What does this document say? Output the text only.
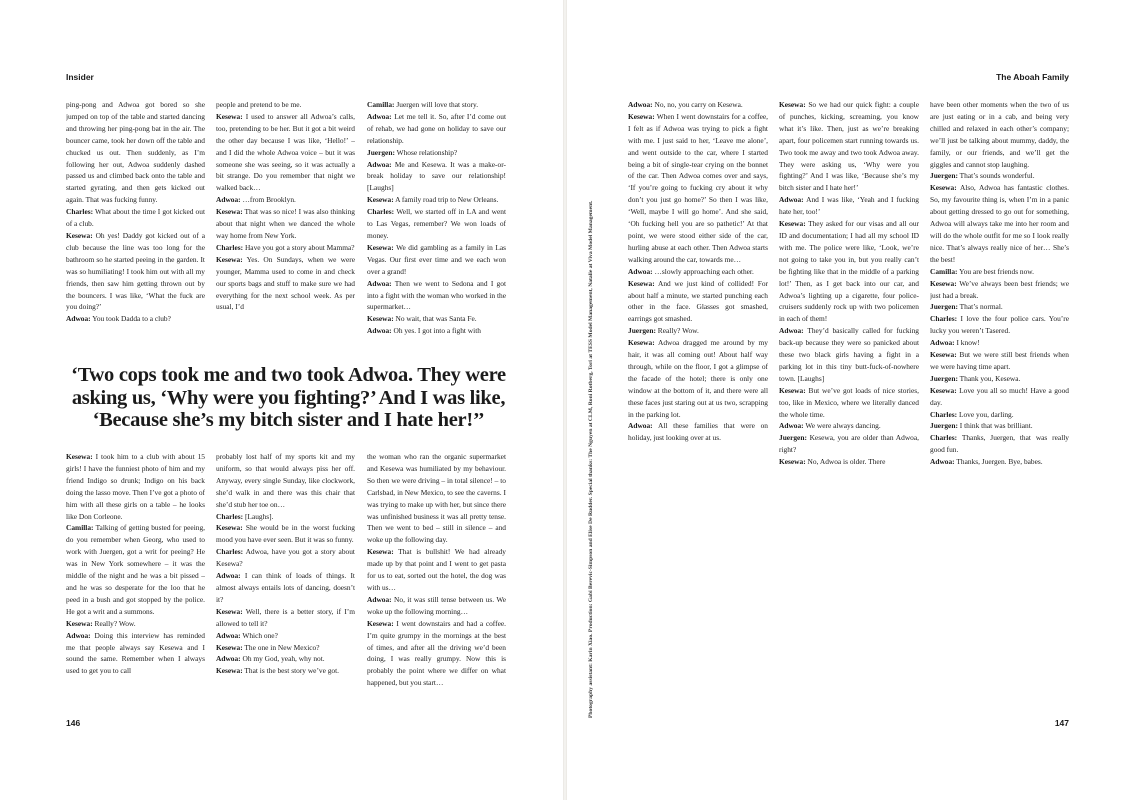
Insider	The Aboah Family

ping-pong and Adwoa got bored so she jumped on top of the table and started dancing and throwing her ping-pong bat in the air. The bouncer came, took her down off the table and chucked us out. Then suddenly, as I’m following her out, Adwoa suddenly dashed passed us and climbed back onto the table and started gyrating, and then gets kicked out again. That was fucking funny.

Charles: What about the time I got kicked out of a club.

Kesewa: Oh yes! Daddy got kicked out of a club because the line was too long for the bathroom so he started peeing in the garden. It was so humiliating! I took him out with all my friends, then saw him getting thrown out by the bouncers. I was like, ‘What the fuck are you doing?’

Adwoa: You took Dadda to a club?

people and pretend to be me.

Kesewa: I used to answer all Adwoa’s calls, too, pretending to be her. But it got a bit weird the other day because I was like, ‘Hello!’ – and I did the whole Adwoa voice – but it was someone she was seeing, so it was actually a bit strange. Do you remember that night we walked back…

Adwoa: …from Brooklyn.

Kesewa: That was so nice! I was also thinking about that night when we danced the whole way home from New York.

Charles: Have you got a story about Mamma?

Kesewa: Yes. On Sundays, when we were younger, Mamma used to come in and check our sports bags and stuff to make sure we had everything for the next school week. As per usual, I’d

Camilla: Juergen will love that story.

Adwoa: Let me tell it. So, after I’d come out of rehab, we had gone on holiday to save our relationship.

Juergen: Whose relationship?

Adwoa: Me and Kesewa. It was a make-or-break holiday to save our relationship! [Laughs]

Kesewa: A family road trip to New Orleans.

Charles: Well, we started off in LA and went to Las Vegas, remember? We won loads of money.

Kesewa: We did gambling as a family in Las Vegas. Our first ever time and we each won over a grand!

Adwoa: Then we went to Sedona and I got into a fight with the woman who worked in the supermarket…

Kesewa: No wait, that was Santa Fe.

Adwoa: Oh yes. I got into a fight with

‘Two cops took me and two took Adwoa. They were asking us, ‘Why were you fighting?’ And I was like, ‘Because she’s my bitch sister and I hate her!’’

Kesewa: I took him to a club with about 15 girls! I have the funniest photo of him and my friend Indigo so drunk; Indigo on his back doing the lasso move. Then I’ve got a photo of him with all these girls on a table – he looks like Don Corleone.

Camilla: Talking of getting busted for peeing, do you remember when Georg, who used to work with Juergen, got a writ for peeing? He was in New York somewhere – it was the middle of the night and he was a bit pissed – and he was so desperate for the loo that he peed in a bush and got stopped by the police. He got a writ and a summons.

Kesewa: Really? Wow.

Adwoa: Doing this interview has reminded me that people always say Kesewa and I sound the same. Remember when I always used to get you to call

probably lost half of my sports kit and my uniform, so that would always piss her off. Anyway, every single Sunday, like clockwork, she’d walk in and there was this chair that she’d stub her toe on…

Charles: [Laughs].

Kesewa: She would be in the worst fucking mood you have ever seen. But it was so funny.

Charles: Adwoa, have you got a story about Kesewa?

Adwoa: I can think of loads of things. It almost always entails lots of dancing, doesn’t it?

Kesewa: Well, there is a better story, if I’m allowed to tell it?

Adwoa: Which one?

Kesewa: The one in New Mexico?

Adwoa: Oh my God, yeah, why not.

Kesewa: That is the best story we’ve got.

the woman who ran the organic supermarket and Kesewa was humiliated by my behaviour. So then we were driving – in total silence! – to Carlsbad, in New Mexico, to see the caverns. I was trying to make up with her, but since there was unfinished business it was all pretty tense. Then we went to bed – still in silence – and woke up the following day.

Kesewa: That is bullshit! We had already made up by that point and I went to get pasta for us to eat, sorted out the hotel, the dog was with us…

Adwoa: No, it was still tense between us. We woke up the following morning…

Kesewa: I went downstairs and had a coffee. I’m quite grumpy in the mornings at the best of times, and after all the driving we’d been doing, I was really grumpy. Now this is probably the point where we differ on what happened, but you start…	Photography assistant: Karin Xiao. Production: Gabi Berevic-Simpson and Elise De Rudder. Special thanks: The Nguyen at CLM, Roni Rotberg, Tori at TESS Model Management, Natalie at Viva Model Management.

Adwoa: No, no, you carry on Kesewa.

Kesewa: When I went downstairs for a coffee, I felt as if Adwoa was trying to pick a fight with me. I just said to her, ‘Leave me alone’, and went outside to the car, where I started being a bit of single-tear crying on the bonnet of the car. Then Adwoa comes over and says, ‘If you’re going to fucking cry about it why don’t you just go home?’ So then I was like, ‘Well, maybe I will go home’. And she said, ‘Oh fucking hell you are so pathetic!’ At that point, we were stood either side of the car, hurling abuse at each other. Then Adwoa starts walking around the car, towards me…

Adwoa: …slowly approaching each other.

Kesewa: And we just kind of collided! For about half a minute, we started punching each other in the face. Glasses got smashed, earrings got smashed.

Juergen: Really? Wow.

Kesewa: Adwoa dragged me around by my hair, it was all coming out! About half way through, while on the floor, I got a glimpse of the facade of the hotel; there is only one window at the bottom of it, and there were all these faces just staring out at us two, scrapping in the parking lot.

Adwoa: All these families that were on holiday, just looking over at us.

Kesewa: So we had our quick fight: a couple of punches, kicking, screaming, you know what it’s like. Then, just as we’re breaking apart, four policemen start running towards us. Two took me away and two took Adwoa away. They were asking us, ‘Why were you fighting?’ And I was like, ‘Because she’s my bitch sister and I hate her!’

Adwoa: And I was like, ‘Yeah and I fucking hate her, too!’

Kesewa: They asked for our visas and all our ID and documentation; I had all my school ID with me. The police were like, ‘Look, we’re not going to take you in, but you really can’t be fighting like that in the middle of a parking lot!’ Then, as I get back into our car, and Adwoa’s lighting up a cigarette, four police-cruisers suddenly rock up with two policemen in each of them!

Adwoa: They’d basically called for fucking back-up because they were so panicked about these two black girls having a fight in a parking lot in this tiny butt-fuck-of-nowhere town. [Laughs]

Kesewa: But we’ve got loads of nice stories, too, like in Mexico, where we literally danced the whole time.

Adwoa: We were always dancing.

Juergen: Kesewa, you are older than Adwoa, right?

Kesewa: No, Adwoa is older. There

have been other moments when the two of us are just eating or in a cab, and being very chilled and relaxed in each other’s company; we’ll just be talking about mummy, daddy, the family, or our friends, and we’ll get the giggles and cannot stop laughing.

Juergen: That’s sounds wonderful.

Kesewa: Also, Adwoa has fantastic clothes. So, my favourite thing is, when I’m in a panic about getting dressed to go out for something, Adwoa will always take me into her room and will do the whole outfit for me so I look really nice. That’s always really nice of her… She’s the best!

Camilla: You are best friends now.

Kesewa: We’ve always been best friends; we just had a break.

Juergen: That’s normal.

Charles: I love the four police cars. You’re lucky you weren’t Tasered.

Adwoa: I know!

Kesewa: But we were still best friends when we were having time apart.

Juergen: Thank you, Kesewa.

Kesewa: Love you all so much! Have a good day.

Charles: Love you, darling.

Juergen: I think that was brilliant.

Charles: Thanks, Juergen, that was really good fun.

Adwoa: Thanks, Juergen. Bye, babes.

146	147
